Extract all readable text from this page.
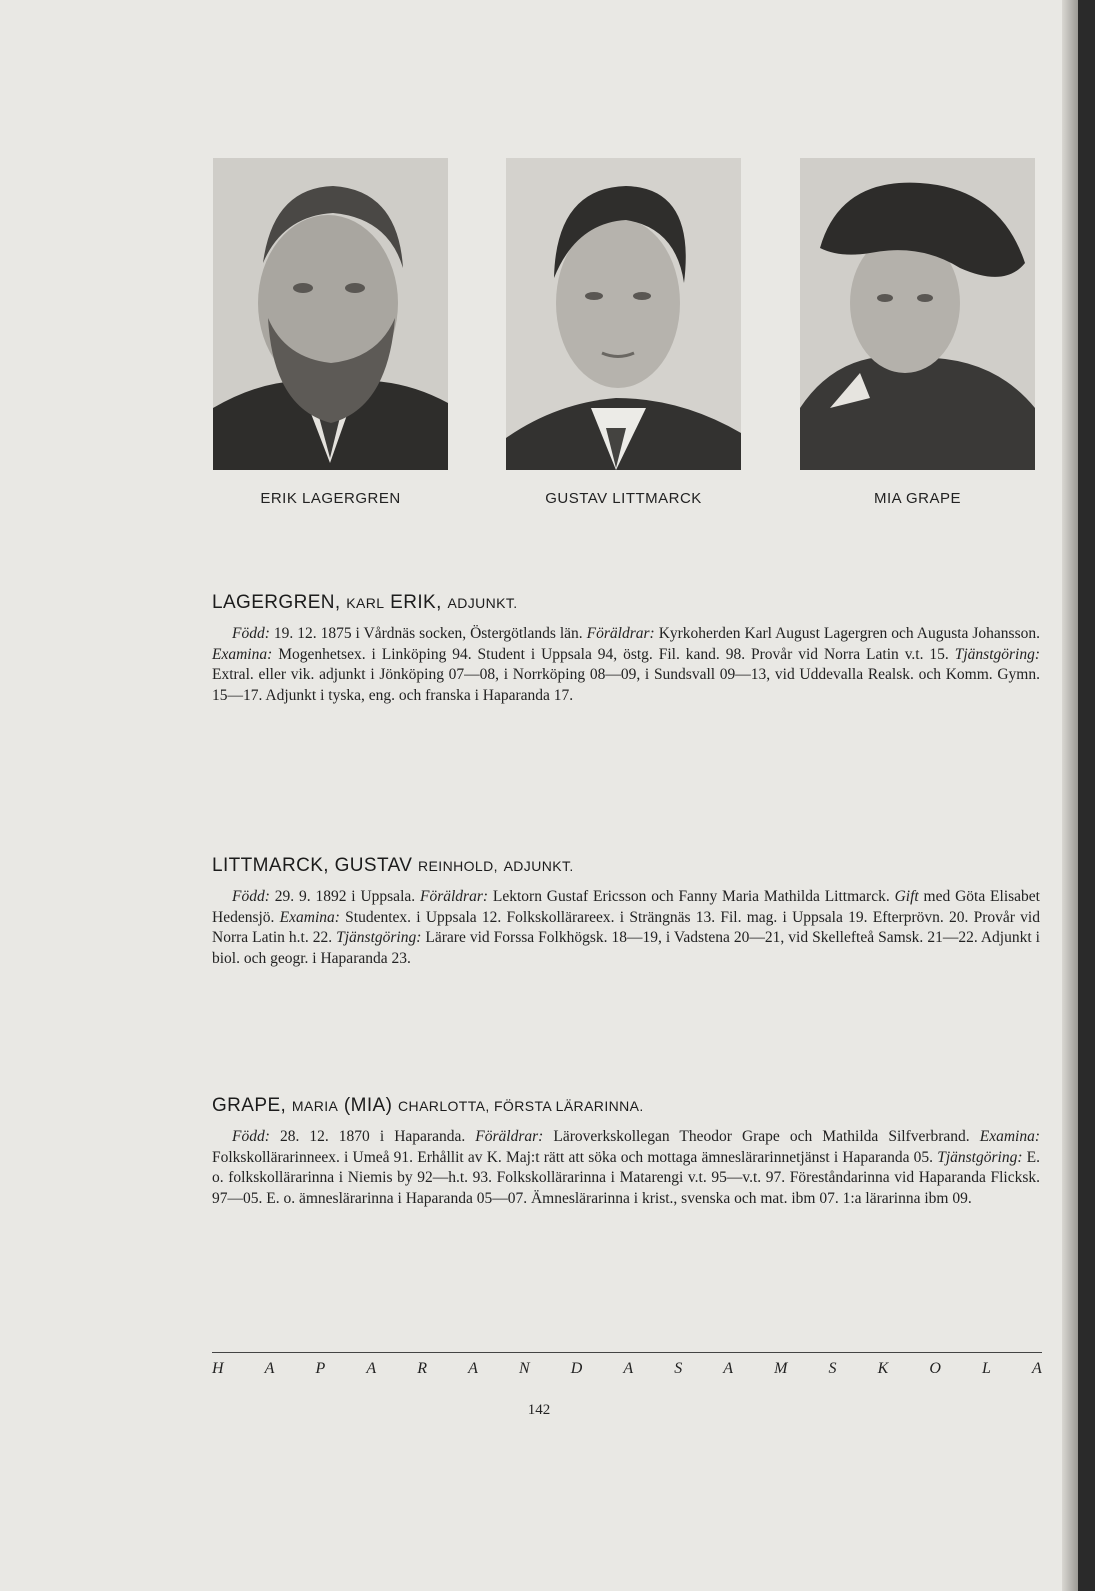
ERIK LAGERGREN	GUSTAV LITTMARCK	MIA GRAPE
LAGERGREN, KARL ERIK, ADJUNKT.

Född: 19. 12. 1875 i Vårdnäs socken, Östergötlands län. Föräldrar: Kyrkoherden Karl August Lagergren och Augusta Johansson. Examina: Mogenhetsex. i Linköping 94. Student i Uppsala 94, östg. Fil. kand. 98. Provår vid Norra Latin v.t. 15. Tjänstgöring: Extral. eller vik. adjunkt i Jönköping 07—08, i Norrköping 08—09, i Sundsvall 09—13, vid Uddevalla Realsk. och Komm. Gymn. 15—17. Adjunkt i tyska, eng. och franska i Haparanda 17.

LITTMARCK, GUSTAV REINHOLD, ADJUNKT.

Född: 29. 9. 1892 i Uppsala. Föräldrar: Lektorn Gustaf Ericsson och Fanny Maria Mathilda Littmarck. Gift med Göta Elisabet Hedensjö. Examina: Studentex. i Uppsala 12. Folkskollärareex. i Strängnäs 13. Fil. mag. i Uppsala 19. Efterprövn. 20. Provår vid Norra Latin h.t. 22. Tjänstgöring: Lärare vid Forssa Folkhögsk. 18—19, i Vadstena 20—21, vid Skellefteå Samsk. 21—22. Adjunkt i biol. och geogr. i Haparanda 23.

GRAPE, MARIA (MIA) CHARLOTTA, FÖRSTA LÄRARINNA.

Född: 28. 12. 1870 i Haparanda. Föräldrar: Läroverkskollegan Theodor Grape och Mathilda Silfverbrand. Examina: Folkskollärarinneex. i Umeå 91. Erhållit av K. Maj:t rätt att söka och mottaga ämneslärarinnetjänst i Haparanda 05. Tjänstgöring: E. o. folkskollärarinna i Niemis by 92—h.t. 93. Folkskollärarinna i Matarengi v.t. 95—v.t. 97. Föreståndarinna vid Haparanda Flicksk. 97—05. E. o. ämneslärarinna i Haparanda 05—07. Ämneslärarinna i krist., svenska och mat. ibm 07. 1:a lärarinna ibm 09.

H	A	P	A	R	A	N	D	A	S	A	M	S	K	O	L	A
142
